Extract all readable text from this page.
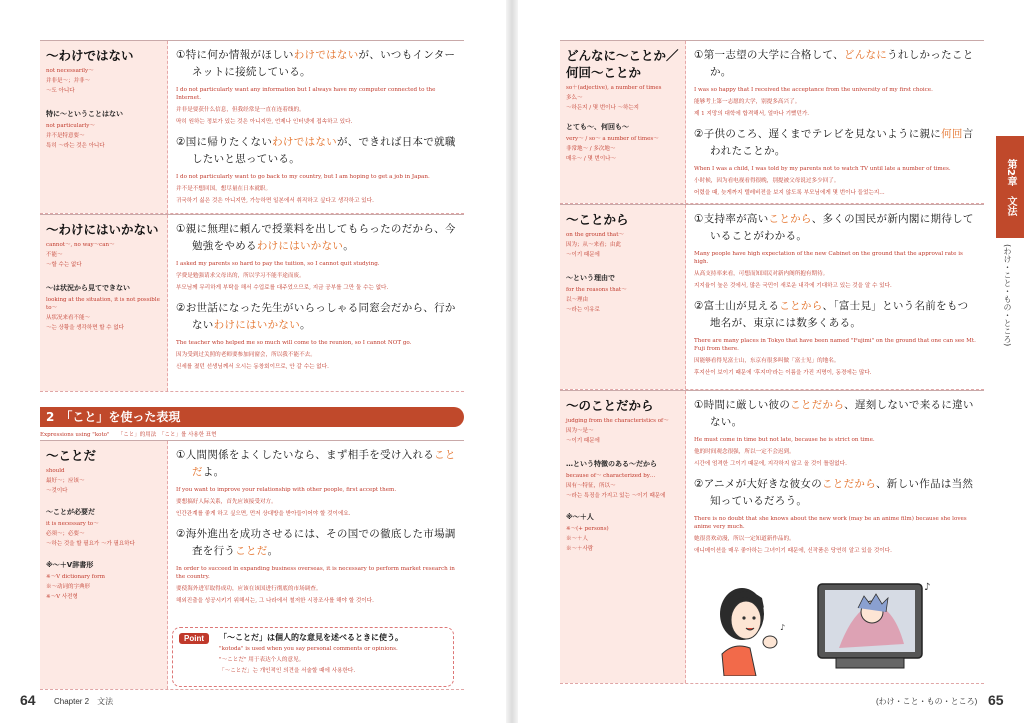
～わけではない
not necessarily～
并非是～；并非～
～도 아니다
特に～ということはない
not particularly～
并不是特意要～
특히 ～라는 것은 아니다
①特に何か情報がほしいわけではないが、いつもインターネットに接続している。
I do not particularly want any information but I always have my computer connected to the Internet.
并非是要获什么信息，但我经常是一直在连着线的。
딱히 원하는 정보가 있는 것은 아니지만, 언제나 인터넷에 접속하고 있다.
②国に帰りたくないわけではないが、できれば日本で就職したいと思っている。
I do not particularly want to go back to my country, but I am hoping to get a job in Japan.
并不是不想回国，想尽量在日本就职。
귀국하기 싫은 것은 아니지만, 가능하면 일본에서 취직하고 싶다고 생각하고 있다.
～わけにはいかない
cannot～, no way～can～
不能～
～할 수는 없다
～は状況から見てできない
looking at the situation, it is not possible to～
从状况来看不能～
～는 상황을 생각하면 할 수 없다
①親に無理に頼んで授業料を出してもらったのだから、今勉強をやめるわけにはいかない。
I asked my parents so hard to pay the tuition, so I cannot quit studying.
学费是勉强请求父母出的，所以学习不能半途而废。
부모님께 무리하게 부탁을 해서 수업료를 대주었으므로, 지금 공부를 그만 둘 수는 없다.
②お世話になった先生がいらっしゃる同窓会だから、行かないわけにはいかない。
The teacher who helped me so much will come to the reunion, so I cannot NOT go.
因为受到过关照的老师要参加同窗会，所以我不能不去。
신세를 졌던 선생님께서 오시는 동창회이므로, 안 갈 수는 없다.
2 「こと」を使った表現
Expressions using "koto"　　「こと」的用法　「こと」를 사용한 표현
～ことだ
should
最好～；应该～
～것이다
～ことが必要だ
it is necessary to～
必须～；必要～
～하는 것을 할 필요가 ～가 필요하다
※～＋V辞書形
※～V dictionary form
※～动词的字典形
※～V 사전형
①人間関係をよくしたいなら、まず相手を受け入れることだよ。
If you want to improve your relationship with other people, first accept them.
要想搞好人际关系，首先应该接受对方。
인간관계를 좋게 하고 싶으면, 먼저 상대방을 받아들이어야 할 것이에요.
②海外進出を成功させるには、その国での徹底した市場調査を行うことだ。
In order to succeed in expanding business overseas, it is necessary to perform market research in the country.
要使海外进军取得成功，应该在该国进行彻底的市场调查。
해외진출을 성공시키기 위해서는, 그 나라에서 철저한 시장조사를 해야 할 것이다.
Point	「～ことだ」は個人的な意見を述べるときに使う。
"kotoda" is used when you say personal comments or opinions.
"～ことだ" 用于表达个人的意见。
「～ことだ」는 개인적인 의견을 서술할 때에 사용한다.
64 Chapter 2　文法
どんなに～ことか／何回～ことか
so＋(adjective), a number of times
多么～
～하든지 / 몇 번이나 ～하는지
とても～、何回も～
very～ / so～ a number of times～
非常地～ / 多次地～
매우～ / 몇 번이나～
①第一志望の大学に合格して、どんなにうれしかったことか。
I was so happy that I received the acceptance from the university of my first choice.
能够考上第一志愿的大学，别提多高兴了。
제 1 지망의 대학에 합격해서, 얼마나 기뻤던가.
②子供のころ、遅くまでテレビを見ないように親に何回言われたことか。
When I was a child, I was told by my parents not to watch TV until late a number of times.
小时候，因为看电视看得很晚，别提被父母说过多少回了。
어렸을 때, 늦게까지 텔레비전을 보지 않도록 부모님에게 몇 번이나 들었는지...
～ことから
on the ground that～
因为；从～来看；由此
～이기 때문에
～という理由で
for the reasons that～
以～理由
～라는 이유로
①支持率が高いことから、多くの国民が新内閣に期待していることがわかる。
Many people have high expectation of the new Cabinet on the ground that the approval rate is high.
从高支持率来看，可想而知国民对新内阁所抱有期待。
지지율이 높은 것에서, 많은 국민이 새로운 내각에 기대하고 있는 것을 알 수 있다.
②富士山が見えることから、「富士見」という名前をもつ地名が、東京には数多くある。
There are many places in Tokyo that have been named "Fujimi" on the ground that one can see Mt. Fuji from there.
因能够看得见富士山，东京有很多叫做「富士见」的地名。
후지산이 보이기 때문에 '후지미'라는 이름을 가진 지명이, 동경에는 많다.
～のことだから
judging from the characteristics of～
因为～是～
～이기 때문에
…という特徴のある～だから
because of～ characterized by…
因有～特征，所以～
～라는 특징을 가지고 있는 ～이기 때문에
※～＋人
※～(+ persons)
※～＋人
※～＋사람
①時間に厳しい彼のことだから、遅刻しないで来るに違いない。
He must come in time but not late, because he is strict on time.
他的时间观念很强，所以一定不会迟到。
시간에 엄격한 그이기 때문에, 지각하지 않고 올 것이 틀림없다.
②アニメが大好きな彼女のことだから、新しい作品は当然知っているだろう。
There is no doubt that she knows about the new work (may be an anime film) because she loves anime very much.
她很喜欢动漫，所以一定知道新作品的。
애니메이션을 매우 좋아하는 그녀이기 때문에, 신작품은 당연히 알고 있을 것이다.
♪
♪
第2章　文法
(わけ・こと・もの・ところ)
(わけ・こと・もの・ところ) 65
